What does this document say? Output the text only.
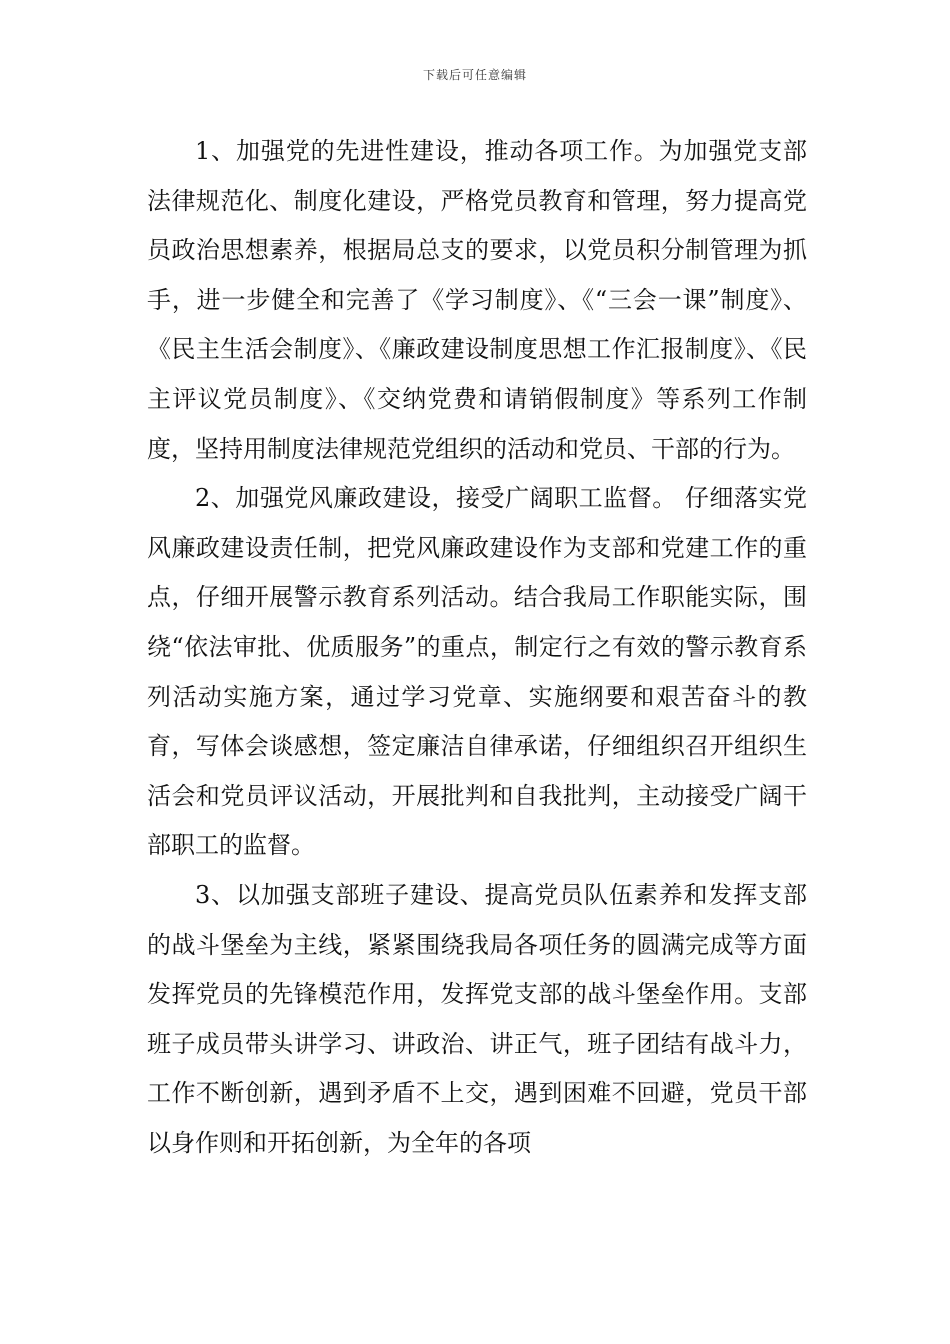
下载后可任意编辑

1、加强党的先进性建设，推动各项工作。为加强党支部法律规范化、制度化建设，严格党员教育和管理，努力提高党员政治思想素养，根据局总支的要求，以党员积分制管理为抓手，进一步健全和完善了《学习制度》、《“三会一课”制度》、《民主生活会制度》、《廉政建设制度思想工作汇报制度》、《民主评议党员制度》、《交纳党费和请销假制度》等系列工作制度，坚持用制度法律规范党组织的活动和党员、干部的行为。

2、加强党风廉政建设，接受广阔职工监督。 仔细落实党风廉政建设责任制，把党风廉政建设作为支部和党建工作的重点，仔细开展警示教育系列活动。结合我局工作职能实际，围绕“依法审批、优质服务”的重点，制定行之有效的警示教育系列活动实施方案，通过学习党章、实施纲要和艰苦奋斗的教育，写体会谈感想，签定廉洁自律承诺，仔细组织召开组织生活会和党员评议活动，开展批判和自我批判，主动接受广阔干部职工的监督。

3、以加强支部班子建设、提高党员队伍素养和发挥支部的战斗堡垒为主线，紧紧围绕我局各项任务的圆满完成等方面发挥党员的先锋模范作用，发挥党支部的战斗堡垒作用。支部班子成员带头讲学习、讲政治、讲正气，班子团结有战斗力，工作不断创新，遇到矛盾不上交，遇到困难不回避，党员干部以身作则和开拓创新，为全年的各项
